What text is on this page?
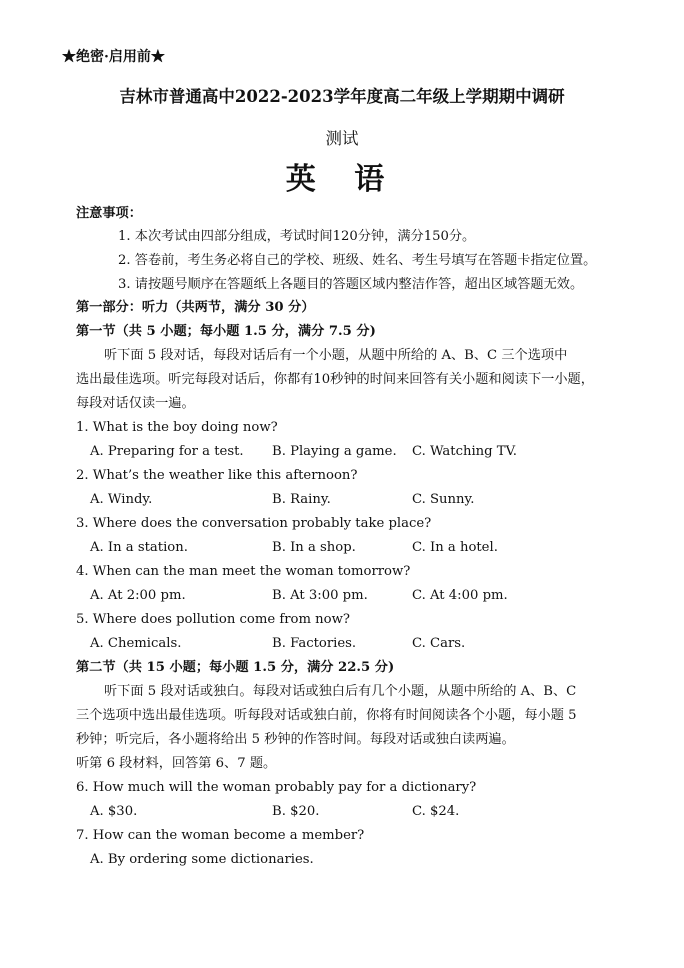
★绝密·启用前★
吉林市普通高中2022-2023学年度高二年级上学期期中调研
测试
英 语
注意事项：
1. 本次考试由四部分组成，考试时间120分钟，满分150分。
2. 答卷前，考生务必将自己的学校、班级、姓名、考生号填写在答题卡指定位置。
3. 请按题号顺序在答题纸上各题目的答题区域内整洁作答，超出区域答题无效。
第一部分：听力（共两节，满分 30 分）
第一节（共 5 小题；每小题 1.5 分，满分 7.5 分)
听下面 5 段对话，每段对话后有一个小题，从题中所给的 A、B、C 三个选项中
选出最佳选项。听完每段对话后，你都有10秒钟的时间来回答有关小题和阅读下一小题，
每段对话仅读一遍。
1. What is the boy doing now?
A. Preparing for a test. B. Playing a game. C. Watching TV.
2. What’s the weather like this afternoon?
A. Windy.	B. Rainy.	C. Sunny.
3. Where does the conversation probably take place?
A. In a station.	B. In a shop.	C. In a hotel.
4. When can the man meet the woman tomorrow?
A. At 2:00 pm.	B. At 3:00 pm.	C. At 4:00 pm.
5. Where does pollution come from now?
A. Chemicals.	B. Factories.	C. Cars.
第二节（共 15 小题；每小题 1.5 分，满分 22.5 分)
听下面 5 段对话或独白。每段对话或独白后有几个小题，从题中所给的 A、B、C
三个选项中选出最佳选项。听每段对话或独白前，你将有时间阅读各个小题，每小题 5
秒钟；听完后，各小题将给出 5 秒钟的作答时间。每段对话或独白读两遍。
听第 6 段材料，回答第 6、7 题。
6. How much will the woman probably pay for a dictionary?
A. $30.	B. $20.	C. $24.
7. How can the woman become a member?
A. By ordering some dictionaries.
